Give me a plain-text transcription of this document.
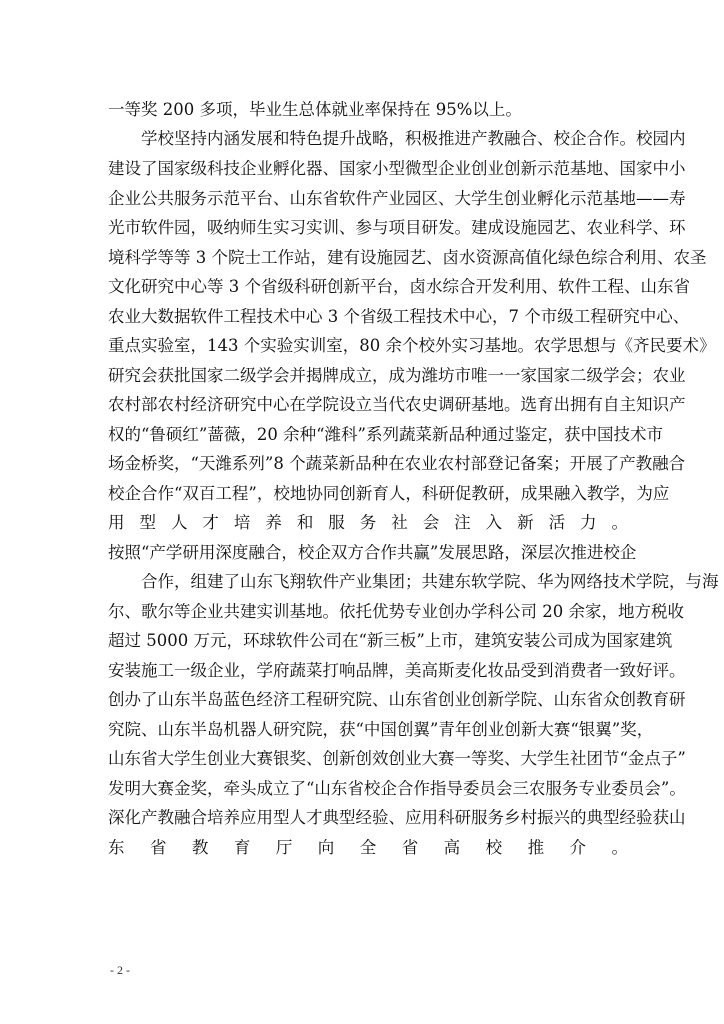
一等奖 200 多项，毕业生总体就业率保持在 95%以上。
学校坚持内涵发展和特色提升战略，积极推进产教融合、校企合作。校园内
建设了国家级科技企业孵化器、国家小型微型企业创业创新示范基地、国家中小
企业公共服务示范平台、山东省软件产业园区、大学生创业孵化示范基地——寿
光市软件园，吸纳师生实习实训、参与项目研发。建成设施园艺、农业科学、环
境科学等等 3 个院士工作站，建有设施园艺、卤水资源高值化绿色综合利用、农圣
文化研究中心等 3 个省级科研创新平台，卤水综合开发利用、软件工程、山东省
农业大数据软件工程技术中心 3 个省级工程技术中心，7 个市级工程研究中心、
重点实验室，143 个实验实训室，80 余个校外实习基地。农学思想与《齐民要术》
研究会获批国家二级学会并揭牌成立，成为潍坊市唯一一家国家二级学会；农业
农村部农村经济研究中心在学院设立当代农史调研基地。选育出拥有自主知识产
权的“鲁硕红”蔷薇，20 余种“潍科”系列蔬菜新品种通过鉴定，获中国技术市
场金桥奖，“天潍系列”8 个蔬菜新品种在农业农村部登记备案；开展了产教融合
校企合作“双百工程”，校地协同创新育人，科研促教研，成果融入教学，为应
用型人才培养和服务社会注入新活力。
按照“产学研用深度融合，校企双方合作共赢”发展思路，深层次推进校企
合作，组建了山东飞翔软件产业集团；共建东软学院、华为网络技术学院，与海
尔、歌尔等企业共建实训基地。依托优势专业创办学科公司 20 余家，地方税收
超过 5000 万元，环球软件公司在“新三板”上市，建筑安装公司成为国家建筑
安装施工一级企业，学府蔬菜打响品牌，美高斯麦化妆品受到消费者一致好评。
创办了山东半岛蓝色经济工程研究院、山东省创业创新学院、山东省众创教育研
究院、山东半岛机器人研究院，获“中国创翼”青年创业创新大赛“银翼”奖，
山东省大学生创业大赛银奖、创新创效创业大赛一等奖、大学生社团节“金点子”
发明大赛金奖，牵头成立了“山东省校企合作指导委员会三农服务专业委员会”。
深化产教融合培养应用型人才典型经验、应用科研服务乡村振兴的典型经验获山
东省教育厅向全省高校推介。
- 2 -
